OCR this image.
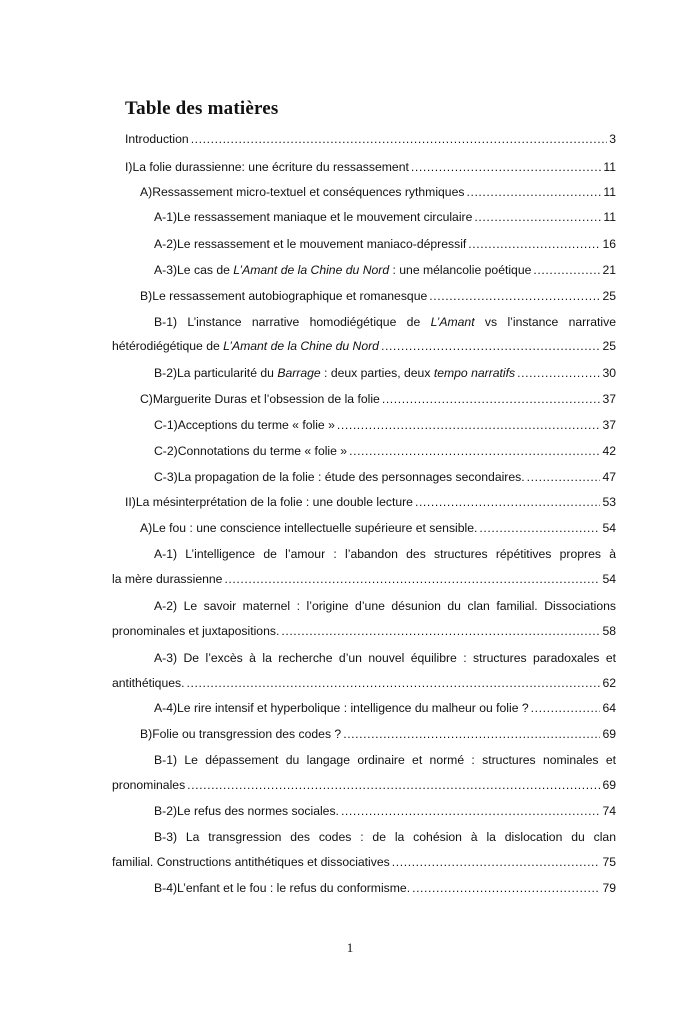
Table des matières
Introduction .....	3
I) La folie durassienne: une écriture du ressassement .....	11
A) Ressassement micro-textuel et conséquences rythmiques .....	11
A-1) Le ressassement maniaque et le mouvement circulaire .....	11
A-2) Le ressassement et le mouvement maniaco-dépressif .....	16
A-3) Le cas de L’Amant de la Chine du Nord : une mélancolie poétique .....	21
B) Le ressassement autobiographique et romanesque .....	25
B-1) L’instance narrative homodiégétique de L’Amant vs l’instance narrative
hétérodiégétique de L’Amant de la Chine du Nord .....	25
B-2) La particularité du Barrage : deux parties, deux tempo narratifs .....	30
C) Marguerite Duras et l’obsession de la folie .....	37
C-1) Acceptions du terme « folie » .....	37
C-2) Connotations du terme « folie » .....	42
C-3) La propagation de la folie : étude des personnages secondaires. .....	47
II) La mésinterprétation de la folie : une double lecture .....	53
A) Le fou : une conscience intellectuelle supérieure et sensible. .....	54
A-1) L’intelligence de l’amour : l’abandon des structures répétitives propres à
la mère durassienne .....	54
A-2) Le savoir maternel : l’origine d’une désunion du clan familial. Dissociations
pronominales et juxtapositions. .....	58
A-3) De l’excès à la recherche d’un nouvel équilibre : structures paradoxales et
antithétiques. .....	62
A-4) Le rire intensif et hyperbolique : intelligence du malheur ou folie ? .....	64
B) Folie ou transgression des codes ? .....	69
B-1) Le dépassement du langage ordinaire et normé : structures nominales et
pronominales .....	69
B-2) Le refus des normes sociales. .....	74
B-3) La transgression des codes : de la cohésion à la dislocation du clan
familial. Constructions antithétiques et dissociatives .....	75
B-4) L’enfant et le fou : le refus du conformisme. .....	79
1
